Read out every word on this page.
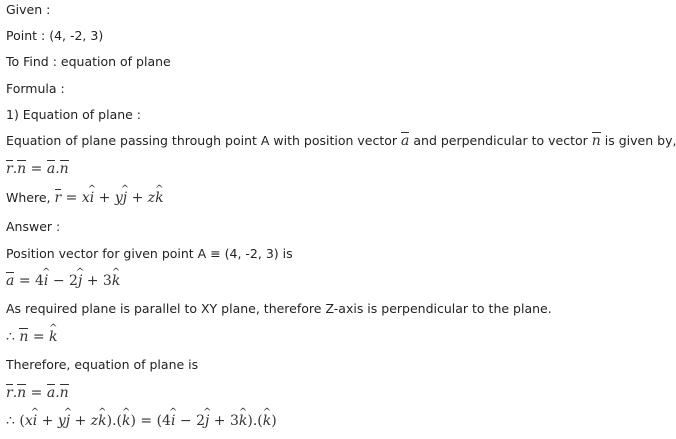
Given :
Point : (4, -2, 3)
To Find : equation of plane
Formula :
1) Equation of plane :
Equation of plane passing through point A with position vector a and perpendicular to vector n is given by,
r.n = a.n
Where, r = xi ^ + yj ^ + zk ^
Answer :
Position vector for given point A ≡ (4, -2, 3) is
a = 4i ^ − 2j ^ + 3k ^
As required plane is parallel to XY plane, therefore Z-axis is perpendicular to the plane.
∴ n = k ^
Therefore, equation of plane is
r.n = a.n
∴ (xi ^ + yj ^ + zk ^).(k ^) = (4i ^ − 2j ^ + 3k ^).(k ^)
